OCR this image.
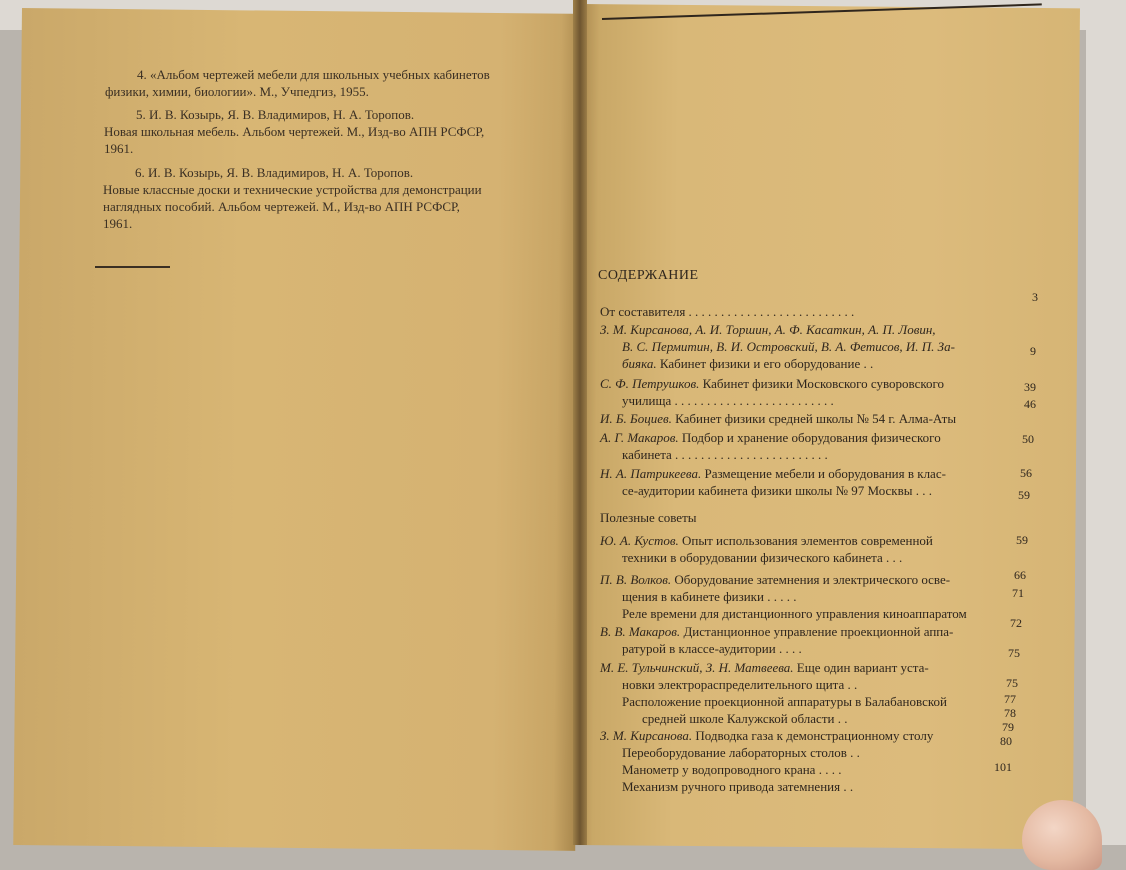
4. «Альбом чертежей мебели для школьных учебных кабинетов

физики, химии, биологии». М., Учпедгиз, 1955.

5. И. В. Козырь, Я. В. Владимиров, Н. А. Торопов.

Новая школьная мебель. Альбом чертежей. М., Изд-во АПН РСФСР,

1961.

6. И. В. Козырь, Я. В. Владимиров, Н. А. Торопов.

Новые классные доски и технические устройства для демонстрации

наглядных пособий. Альбом чертежей. М., Изд-во АПН РСФСР,

1961.

СОДЕРЖАНИЕ
От составителя . . . . . . . . . . . . . . . . . . . . . . . . . .
З. М. Кирсанова, А. И. Торшин, А. Ф. Касаткин, А. П. Ловин,
В. С. Пермитин, В. И. Островский, В. А. Фетисов, И. П. За-
бияка. Кабинет физики и его оборудование . .
С. Ф. Петрушков. Кабинет физики Московского суворовского
училища . . . . . . . . . . . . . . . . . . . . . . . . .
И. Б. Боциев. Кабинет физики средней школы № 54 г. Алма-Аты
А. Г. Макаров. Подбор и хранение оборудования физического
кабинета . . . . . . . . . . . . . . . . . . . . . . . .
Н. А. Патрикеева. Размещение мебели и оборудования в клас-
се-аудитории кабинета физики школы № 97 Москвы . . .
Полезные советы
Ю. А. Кустов. Опыт использования элементов современной
техники в оборудовании физического кабинета . . .
П. В. Волков. Оборудование затемнения и электрического осве-
щения в кабинете физики . . . . .
Реле времени для дистанционного управления киноаппаратом
В. В. Макаров. Дистанционное управление проекционной аппа-
ратурой в классе-аудитории . . . .
М. Е. Тульчинский, З. Н. Матвеева. Еще один вариант уста-
новки электрораспределительного щита . .
Расположение проекционной аппаратуры в Балабановской
средней школе Калужской области . .
З. М. Кирсанова. Подводка газа к демонстрационному столу
Переоборудование лабораторных столов . .
Манометр у водопроводного крана . . . .
Механизм ручного привода затемнения . .
3
9
39
46
50
56
59
59
66
71
72
75
75
77
78
79
80
101
